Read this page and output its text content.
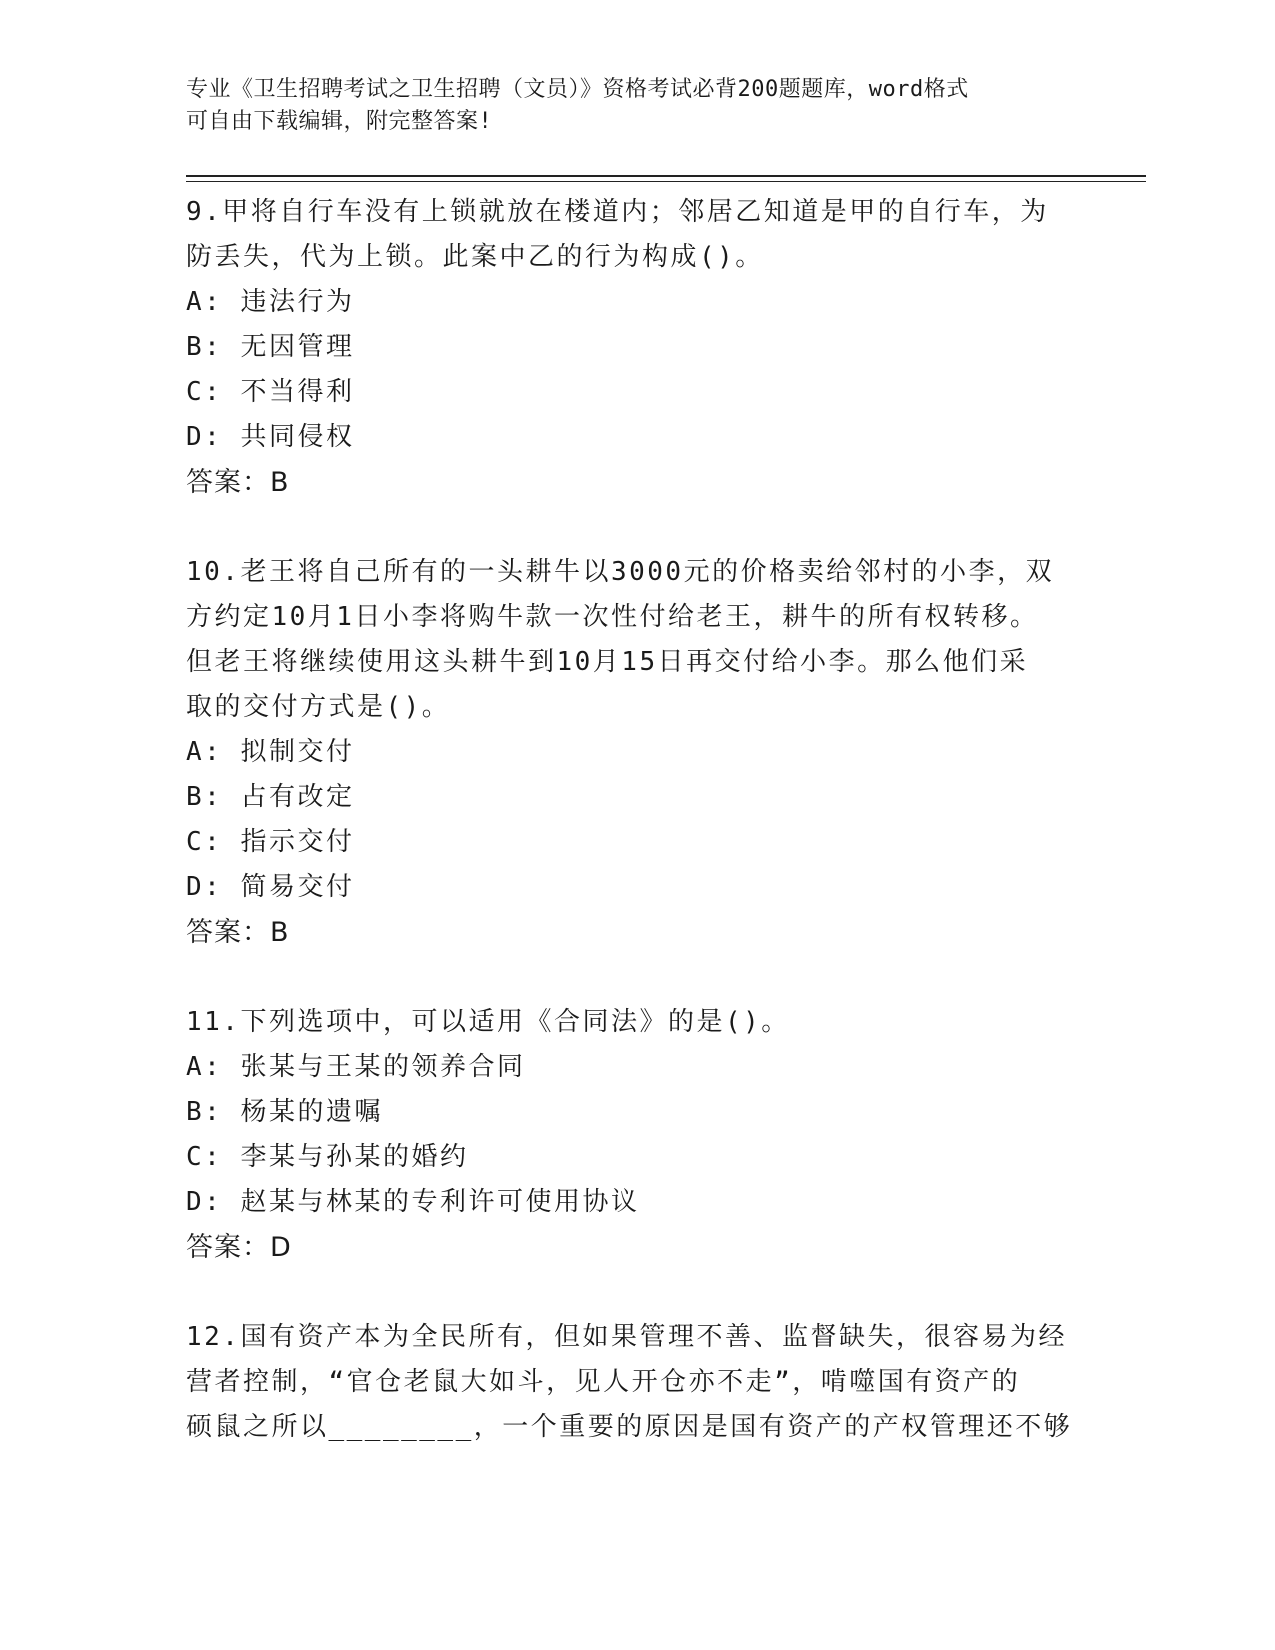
专业《卫生招聘考试之卫生招聘（文员）》资格考试必背200题题库，word格式

可自由下载编辑，附完整答案!

9.甲将自行车没有上锁就放在楼道内；邻居乙知道是甲的自行车，为

防丢失，代为上锁。此案中乙的行为构成()。

A: 违法行为

B: 无因管理

C: 不当得利

D: 共同侵权

答案：B

10.老王将自己所有的一头耕牛以3000元的价格卖给邻村的小李，双

方约定10月1日小李将购牛款一次性付给老王，耕牛的所有权转移。

但老王将继续使用这头耕牛到10月15日再交付给小李。那么他们采

取的交付方式是()。

A: 拟制交付

B: 占有改定

C: 指示交付

D: 简易交付

答案：B

11.下列选项中，可以适用《合同法》的是()。

A: 张某与王某的领养合同

B: 杨某的遗嘱

C: 李某与孙某的婚约

D: 赵某与林某的专利许可使用协议

答案：D

12.国有资产本为全民所有，但如果管理不善、监督缺失，很容易为经

营者控制，“官仓老鼠大如斗，见人开仓亦不走”，啃噬国有资产的

硕鼠之所以________，一个重要的原因是国有资产的产权管理还不够
